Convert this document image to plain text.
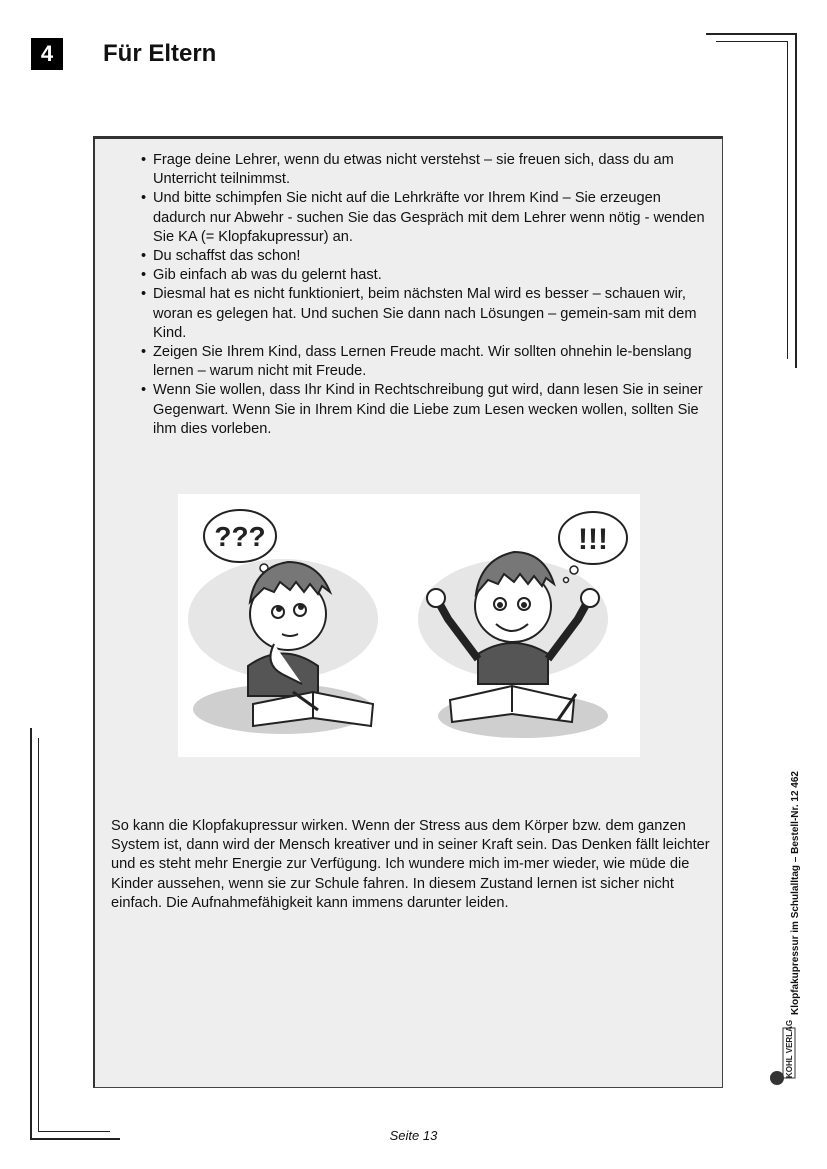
4	Für Eltern
• Frage deine Lehrer, wenn du etwas nicht verstehst – sie freuen sich, dass du am Unterricht teilnimmst.
• Und bitte schimpfen Sie nicht auf die Lehrkräfte vor Ihrem Kind – Sie erzeugen dadurch nur Abwehr - suchen Sie das Gespräch mit dem Lehrer wenn nötig - wenden Sie KA (= Klopfakupressur) an.
• Du schaffst das schon!
• Gib einfach ab was du gelernt hast.
• Diesmal hat es nicht funktioniert, beim nächsten Mal wird es besser – schauen wir, woran es gelegen hat. Und suchen Sie dann nach Lösungen – gemein-sam mit dem Kind.
• Zeigen Sie Ihrem Kind, dass Lernen Freude macht. Wir sollten ohnehin le-benslang lernen – warum nicht mit Freude.
• Wenn Sie wollen, dass Ihr Kind in Rechtschreibung gut wird, dann lesen Sie in seiner Gegenwart. Wenn Sie in Ihrem Kind die Liebe zum Lesen wecken wollen, sollten Sie ihm dies vorleben.
???	!!!

So kann die Klopfakupressur wirken. Wenn der Stress aus dem Körper bzw. dem ganzen System ist, dann wird der Mensch kreativer und in seiner Kraft sein. Das Denken fällt leichter und es steht mehr Energie zur Verfügung. Ich wundere mich im-mer wieder, wie müde die Kinder aussehen, wenn sie zur Schule fahren. In diesem Zustand lernen ist sicher nicht einfach. Die Aufnahmefähigkeit kann immens darunter leiden.	Klopfakupressur im Schulalltag – Bestell-Nr. 12 462
KOHL VERLAG
Seite 13
